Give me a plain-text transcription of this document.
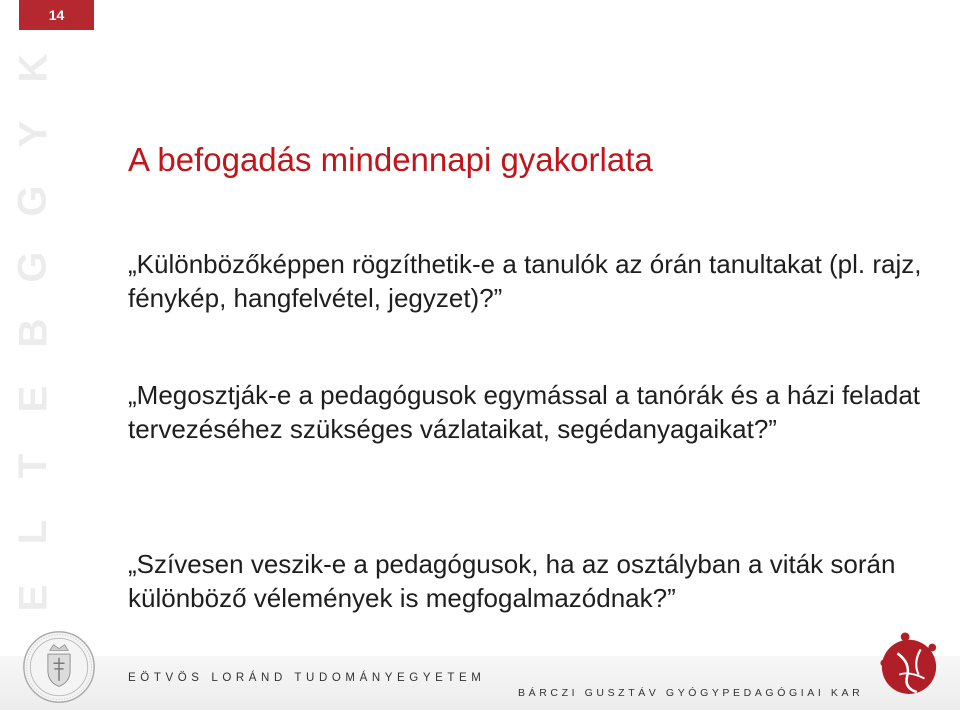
14
E
L
T
E
B
G
G
Y
K
A befogadás mindennapi gyakorlata
„Különbözőképpen rögzíthetik-e a tanulók az órán tanultakat (pl. rajz, fénykép, hangfelvétel, jegyzet)?”
„Megosztják-e a pedagógusok egymással a tanórák és a házi feladat tervezéséhez szükséges vázlataikat, segédanyagaikat?”
„Szívesen veszik-e a pedagógusok, ha az osztályban a viták során különböző vélemények is megfogalmazódnak?”
EÖTVÖS LORÁND TUDOMÁNYEGYETEM
BÁRCZI GUSZTÁV GYÓGYPEDAGÓGIAI KAR
